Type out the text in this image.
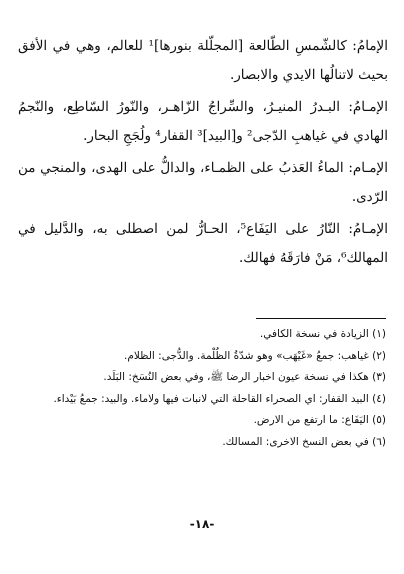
الإمامُ: كالشّمسِ الطّالعة [المجلّلة بنورها]¹ للعالم، وهي في الأفق بحيث لاتنالُها الايدي والابصار.

الإمـامُ: البـدرُ المنيـرُ، والسِّراجُ الزّاهـر، والنّورُ السّاطِع، والنّجمُ الهادي في غياهبِ الدّجى² و[البيد]³ القفار⁴ ولُجَجِ البحار.

الإمـام: الماءُ العَذبُ على الظمـاء، والدالُّ على الهدى، والمنجي من الرّدى.

الإمـامُ: النّارُ على اليَفَاع⁵، الحـارُّ لمن اصطلى به، والدَّليل في المهالك⁶، مَنْ فارَقَهُ فهالك.

(١) الزيادة في نسخة الكافي.

(٢) غياهب: جمعُ «غَيْهَب» وهو شدّةُ الظُلْمة. والدُّجى: الظلام.

(٣) هكذا في نسخة عيون اخبار الرضا ﷺ، وفي بعض النُسَخ: البَلَد.

(٤) البيد القفار: اي الصحراء القاحلة التي لانبات فيها ولاماء. والبيد: جمعُ بَيْداء.

(٥) اليَفَاع: ما ارتفع من الارض.

(٦) في بعض النسخ الاخرى: المسالك.

-١٨-
